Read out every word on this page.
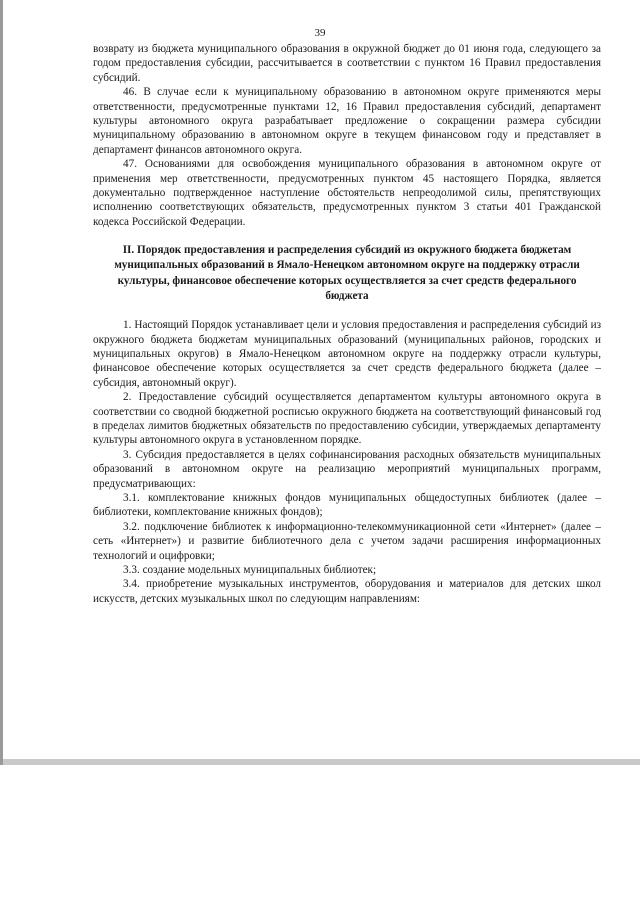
39

возврату из бюджета муниципального образования в окружной бюджет до 01 июня года, следующего за годом предоставления субсидии, рассчитывается в соответствии с пунктом 16 Правил предоставления субсидий.

46. В случае если к муниципальному образованию в автономном округе применяются меры ответственности, предусмотренные пунктами 12, 16 Правил предоставления субсидий, департамент культуры автономного округа разрабатывает предложение о сокращении размера субсидии муниципальному образованию в автономном округе в текущем финансовом году и представляет в департамент финансов автономного округа.

47. Основаниями для освобождения муниципального образования в автономном округе от применения мер ответственности, предусмотренных пунктом 45 настоящего Порядка, является документально подтвержденное наступление обстоятельств непреодолимой силы, препятствующих исполнению соответствующих обязательств, предусмотренных пунктом 3 статьи 401 Гражданской кодекса Российской Федерации.

II. Порядок предоставления и распределения субсидий из окружного бюджета бюджетам муниципальных образований в Ямало-Ненецком автономном округе на поддержку отрасли культуры, финансовое обеспечение которых осуществляется за счет средств федерального бюджета

1. Настоящий Порядок устанавливает цели и условия предоставления и распределения субсидий из окружного бюджета бюджетам муниципальных образований (муниципальных районов, городских и муниципальных округов) в Ямало-Ненецком автономном округе на поддержку отрасли культуры, финансовое обеспечение которых осуществляется за счет средств федерального бюджета (далее – субсидия, автономный округ).

2. Предоставление субсидий осуществляется департаментом культуры автономного округа в соответствии со сводной бюджетной росписью окружного бюджета на соответствующий финансовый год в пределах лимитов бюджетных обязательств по предоставлению субсидии, утверждаемых департаменту культуры автономного округа в установленном порядке.

3. Субсидия предоставляется в целях софинансирования расходных обязательств муниципальных образований в автономном округе на реализацию мероприятий муниципальных программ, предусматривающих:

3.1. комплектование книжных фондов муниципальных общедоступных библиотек (далее – библиотеки, комплектование книжных фондов);

3.2. подключение библиотек к информационно-телекоммуникационной сети «Интернет» (далее – сеть «Интернет») и развитие библиотечного дела с учетом задачи расширения информационных технологий и оцифровки;

3.3. создание модельных муниципальных библиотек;

3.4. приобретение музыкальных инструментов, оборудования и материалов для детских школ искусств, детских музыкальных школ по следующим направлениям:
